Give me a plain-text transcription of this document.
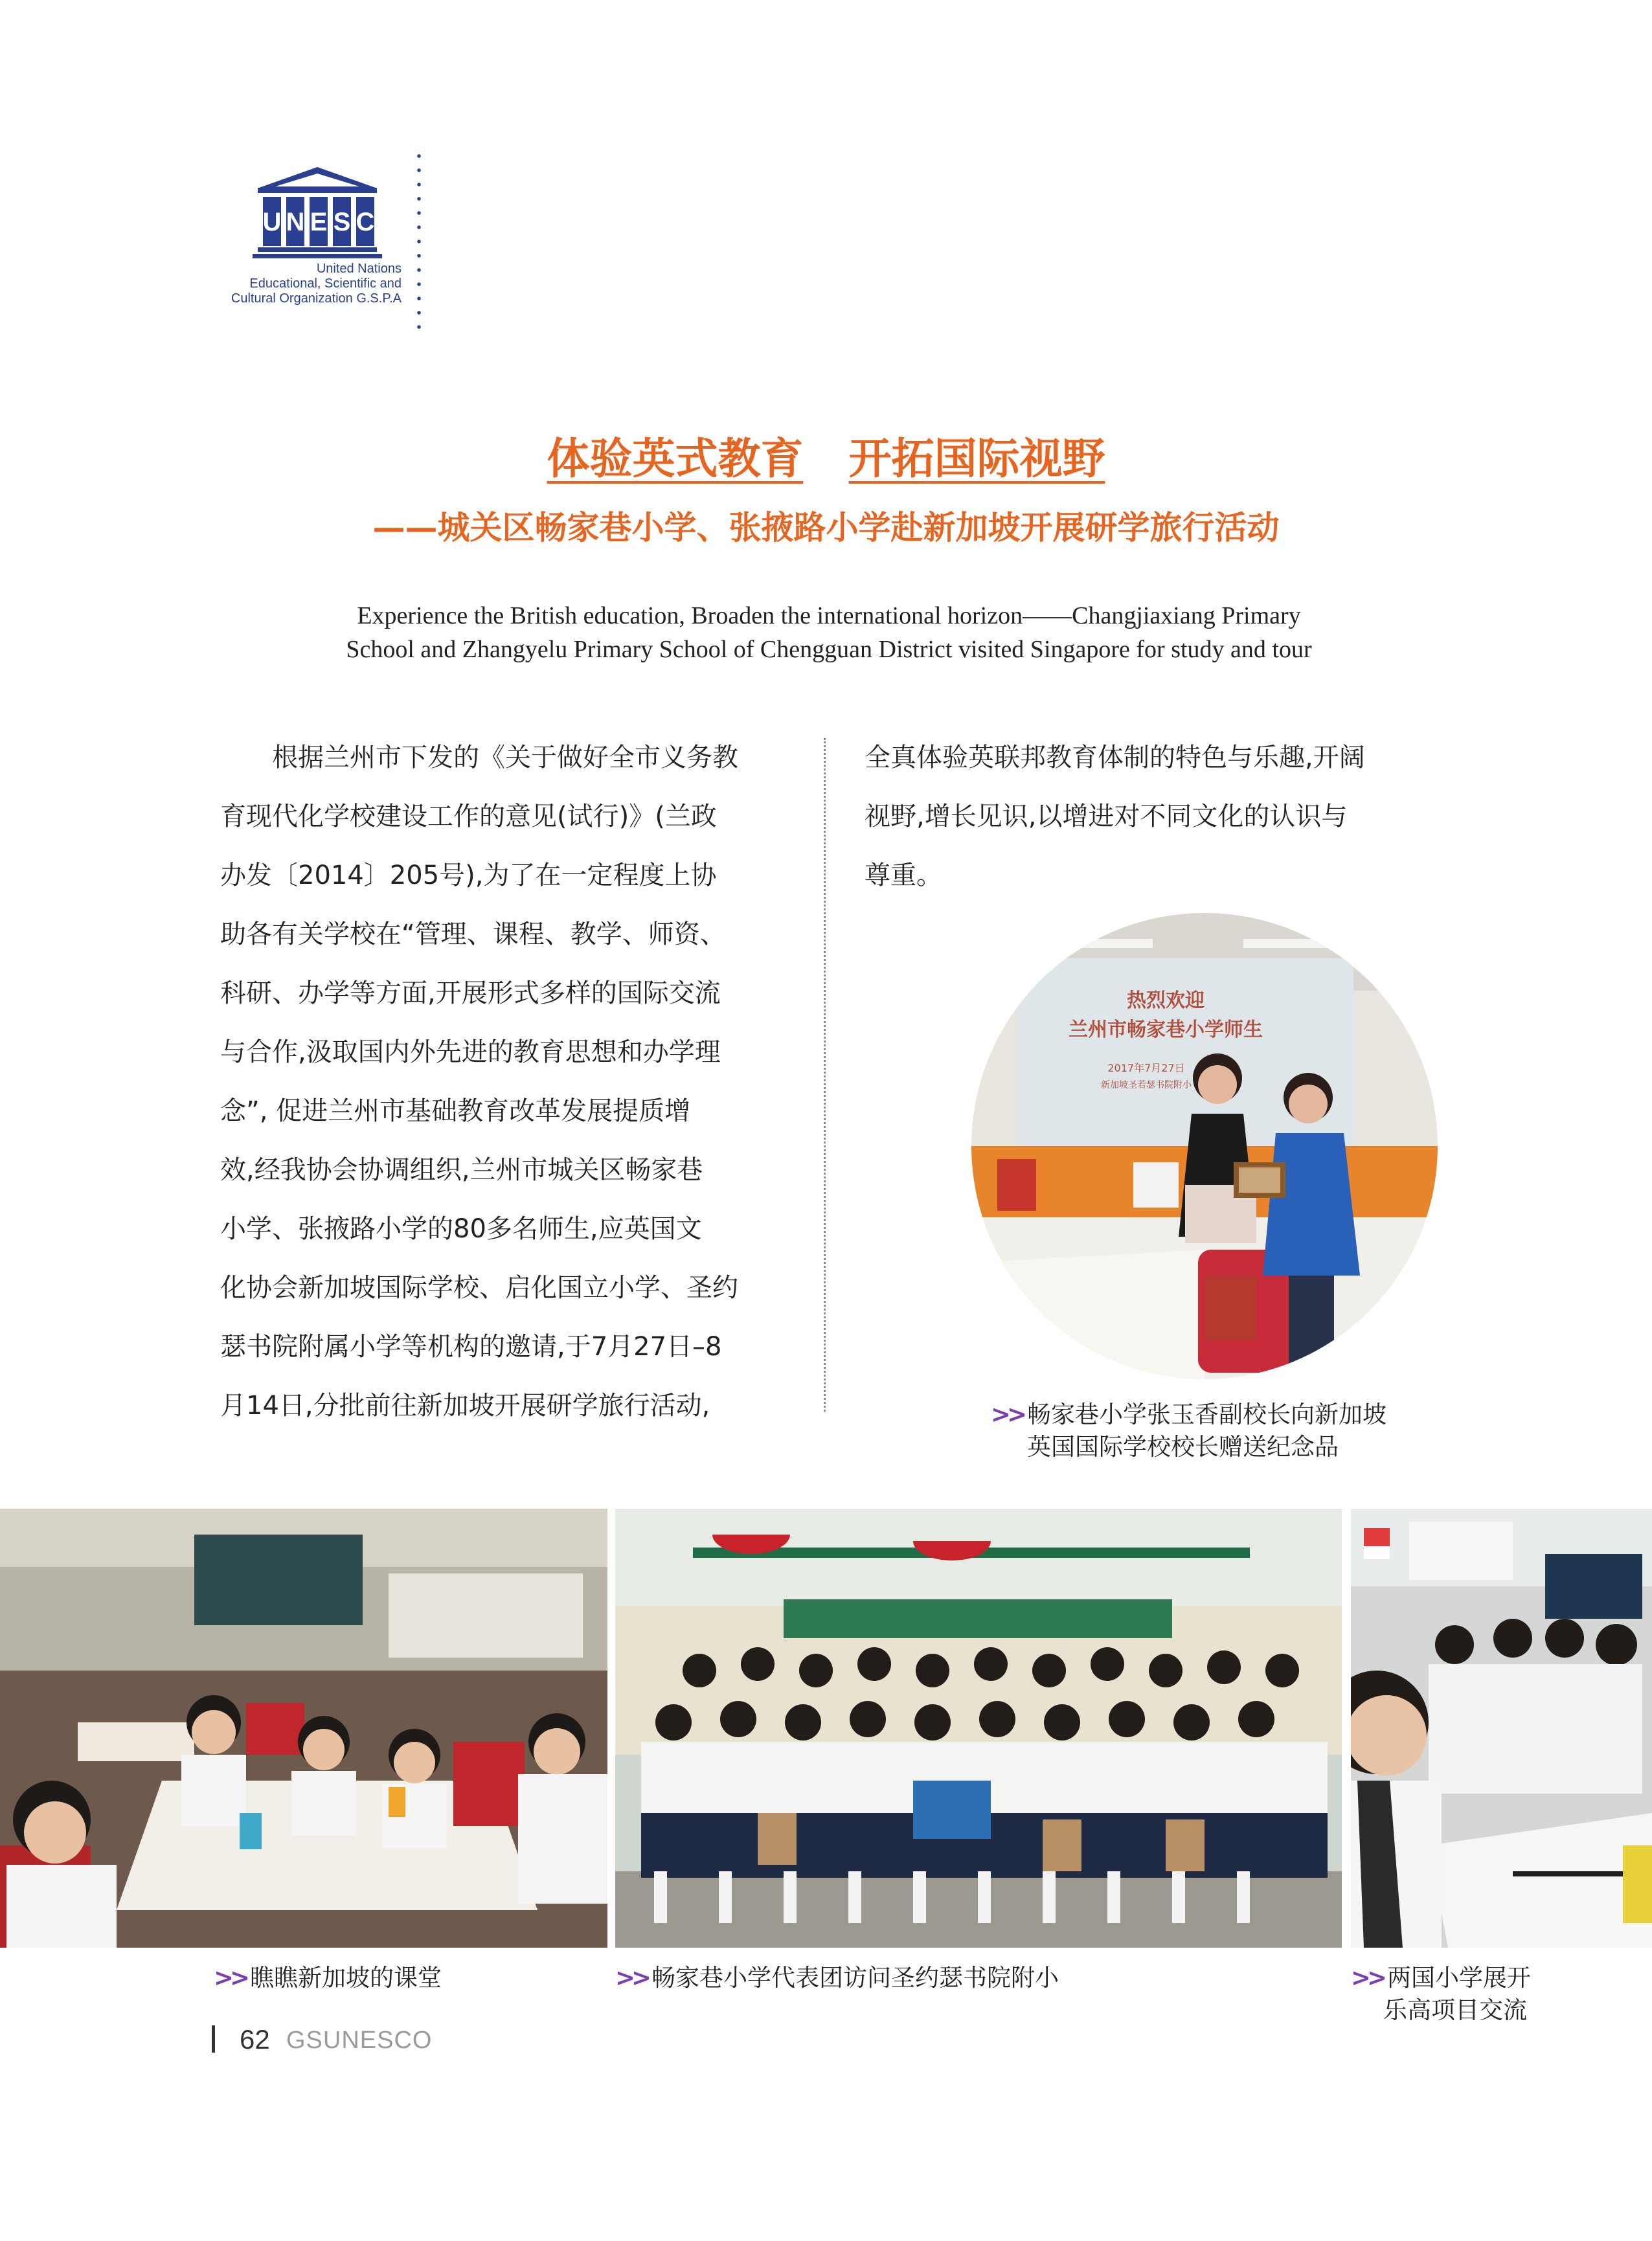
U N E S C
United Nations
Educational, Scientific and
Cultural Organization G.S.P.A
体验英式教育 开拓国际视野
——城关区畅家巷小学、张掖路小学赴新加坡开展研学旅行活动
Experience the British education, Broaden the international horizon——Changjiaxiang Primary
School and Zhangyelu Primary School of Chengguan District visited Singapore for study and tour
根据兰州市下发的《关于做好全市义务教
育现代化学校建设工作的意见(试行)》(兰政
办发〔2014〕205号),为了在一定程度上协
助各有关学校在“管理、课程、教学、师资、
科研、办学等方面,开展形式多样的国际交流
与合作,汲取国内外先进的教育思想和办学理
念”, 促进兰州市基础教育改革发展提质增
效,经我协会协调组织,兰州市城关区畅家巷
小学、张掖路小学的80多名师生,应英国文
化协会新加坡国际学校、启化国立小学、圣约
瑟书院附属小学等机构的邀请,于7月27日–8
月14日,分批前往新加坡开展研学旅行活动,
全真体验英联邦教育体制的特色与乐趣,开阔
视野,增长见识,以增进对不同文化的认识与
尊重。
热烈欢迎
兰州市畅家巷小学师生
2017年7月27日
新加坡圣若瑟书院附小
>> 畅家巷小学张玉香副校长向新加坡
英国国际学校校长赠送纪念品
>> 瞧瞧新加坡的课堂	>> 畅家巷小学代表团访问圣约瑟书院附小	>> 两国小学展开
乐高项目交流
62 GSUNESCO
